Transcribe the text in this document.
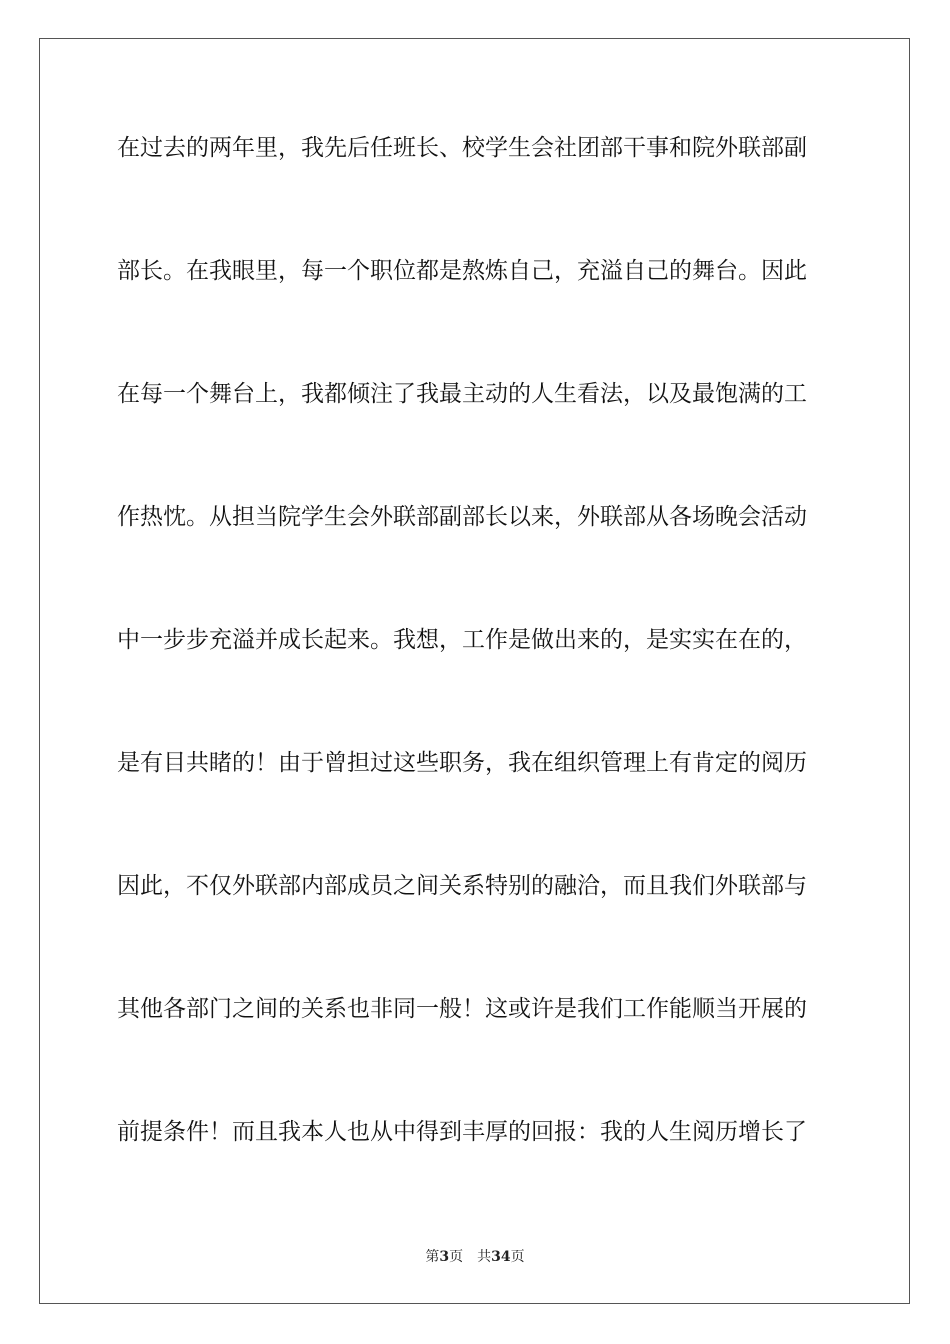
在过去的两年里，我先后任班长、校学生会社团部干事和院外联部副
部长。在我眼里，每一个职位都是熬炼自己，充溢自己的舞台。因此
在每一个舞台上，我都倾注了我最主动的人生看法，以及最饱满的工
作热忱。从担当院学生会外联部副部长以来，外联部从各场晚会活动
中一步步充溢并成长起来。我想，工作是做出来的，是实实在在的，
是有目共睹的！由于曾担过这些职务，我在组织管理上有肯定的阅历
因此，不仅外联部内部成员之间关系特别的融洽，而且我们外联部与
其他各部门之间的关系也非同一般！这或许是我们工作能顺当开展的
前提条件！而且我本人也从中得到丰厚的回报：我的人生阅历增长了
第3页 共34页
